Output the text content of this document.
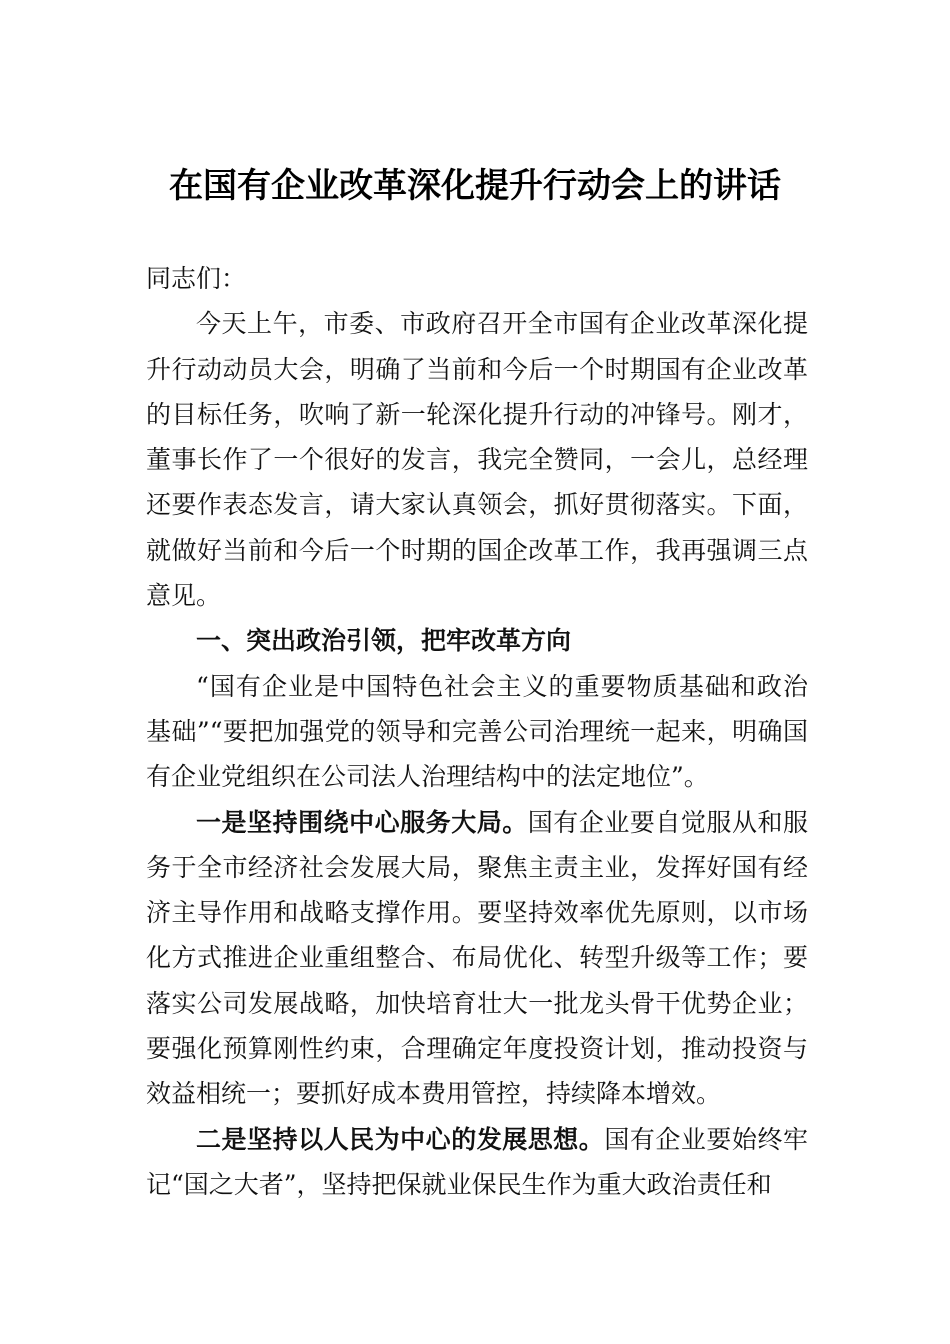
在国有企业改革深化提升行动会上的讲话

同志们：

今天上午，市委、市政府召开全市国有企业改革深化提升行动动员大会，明确了当前和今后一个时期国有企业改革的目标任务，吹响了新一轮深化提升行动的冲锋号。刚才，董事长作了一个很好的发言，我完全赞同，一会儿，总经理还要作表态发言，请大家认真领会，抓好贯彻落实。下面，就做好当前和今后一个时期的国企改革工作，我再强调三点意见。

一、突出政治引领，把牢改革方向

“国有企业是中国特色社会主义的重要物质基础和政治基础”“要把加强党的领导和完善公司治理统一起来，明确国有企业党组织在公司法人治理结构中的法定地位”。

一是坚持围绕中心服务大局。国有企业要自觉服从和服务于全市经济社会发展大局，聚焦主责主业，发挥好国有经济主导作用和战略支撑作用。要坚持效率优先原则，以市场化方式推进企业重组整合、布局优化、转型升级等工作；要落实公司发展战略，加快培育壮大一批龙头骨干优势企业；要强化预算刚性约束，合理确定年度投资计划，推动投资与效益相统一；要抓好成本费用管控，持续降本增效。

二是坚持以人民为中心的发展思想。国有企业要始终牢记“国之大者”，坚持把保就业保民生作为重大政治责任和
